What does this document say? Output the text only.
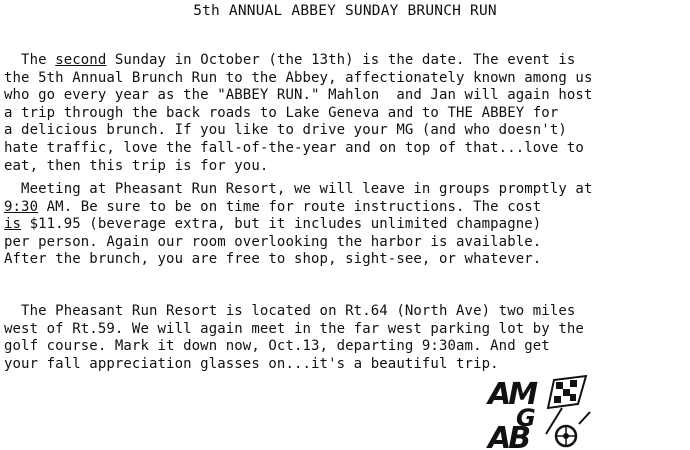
5th ANNUAL ABBEY SUNDAY BRUNCH RUN

The second Sunday in October (the 13th) is the date. The event is
the 5th Annual Brunch Run to the Abbey, affectionately known among us
who go every year as the "ABBEY RUN." Mahlon  and Jan will again host
a trip through the back roads to Lake Geneva and to THE ABBEY for
a delicious brunch. If you like to drive your MG (and who doesn't)
hate traffic, love the fall-of-the-year and on top of that...love to
eat, then this trip is for you.

Meeting at Pheasant Run Resort, we will leave in groups promptly at
9:30 AM. Be sure to be on time for route instructions. The cost
is $11.95 (beverage extra, but it includes unlimited champagne)
per person. Again our room overlooking the harbor is available.
After the brunch, you are free to shop, sight-see, or whatever.

The Pheasant Run Resort is located on Rt.64 (North Ave) two miles
west of Rt.59. We will again meet in the far west parking lot by the
golf course. Mark it down now, Oct.13, departing 9:30am. And get
your fall appreciation glasses on...it's a beautiful trip.

AM
G
AB
